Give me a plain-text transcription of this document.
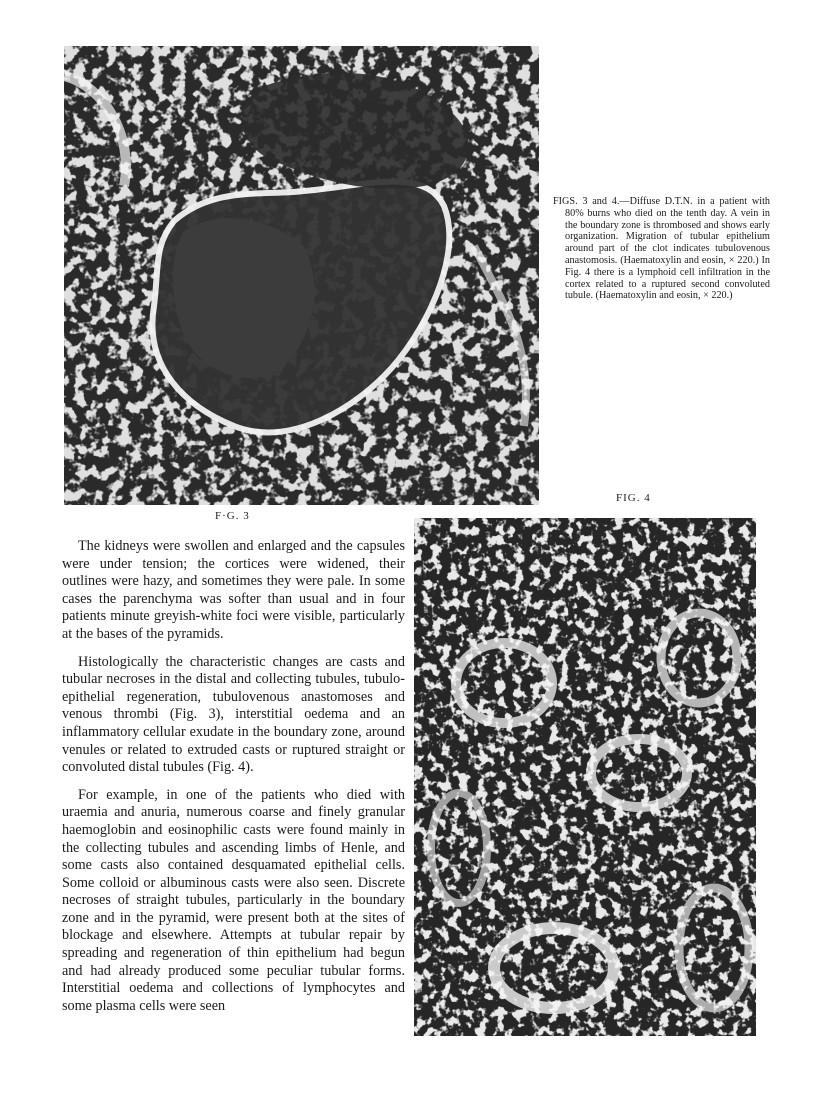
F·G. 3
FIGS. 3 and 4.—Diffuse D.T.N. in a patient with 80% burns who died on the tenth day. A vein in the boundary zone is thrombosed and shows early organization. Migration of tubular epithelium around part of the clot indicates tubulovenous anastomosis. (Haematoxylin and eosin, × 220.) In Fig. 4 there is a lymphoid cell infiltration in the cortex related to a ruptured second convoluted tubule. (Haematoxylin and eosin, × 220.)
FIG. 4

The kidneys were swollen and enlarged and the capsules were under tension; the cortices were widened, their outlines were hazy, and sometimes they were pale. In some cases the parenchyma was softer than usual and in four patients minute greyish-white foci were visible, particularly at the bases of the pyramids.

Histologically the characteristic changes are casts and tubular necroses in the distal and collecting tubules, tubulo-epithelial regeneration, tubulovenous anastomoses and venous thrombi (Fig. 3), interstitial oedema and an inflammatory cellular exudate in the boundary zone, around venules or related to extruded casts or ruptured straight or convoluted distal tubules (Fig. 4).

For example, in one of the patients who died with uraemia and anuria, numerous coarse and finely granular haemoglobin and eosinophilic casts were found mainly in the collecting tubules and ascending limbs of Henle, and some casts also contained desquamated epithelial cells. Some colloid or albuminous casts were also seen. Discrete necroses of straight tubules, particularly in the boundary zone and in the pyramid, were present both at the sites of blockage and elsewhere. Attempts at tubular repair by spreading and regeneration of thin epithelium had begun and had already produced some peculiar tubular forms. Interstitial oedema and collections of lymphocytes and some plasma cells were seen
